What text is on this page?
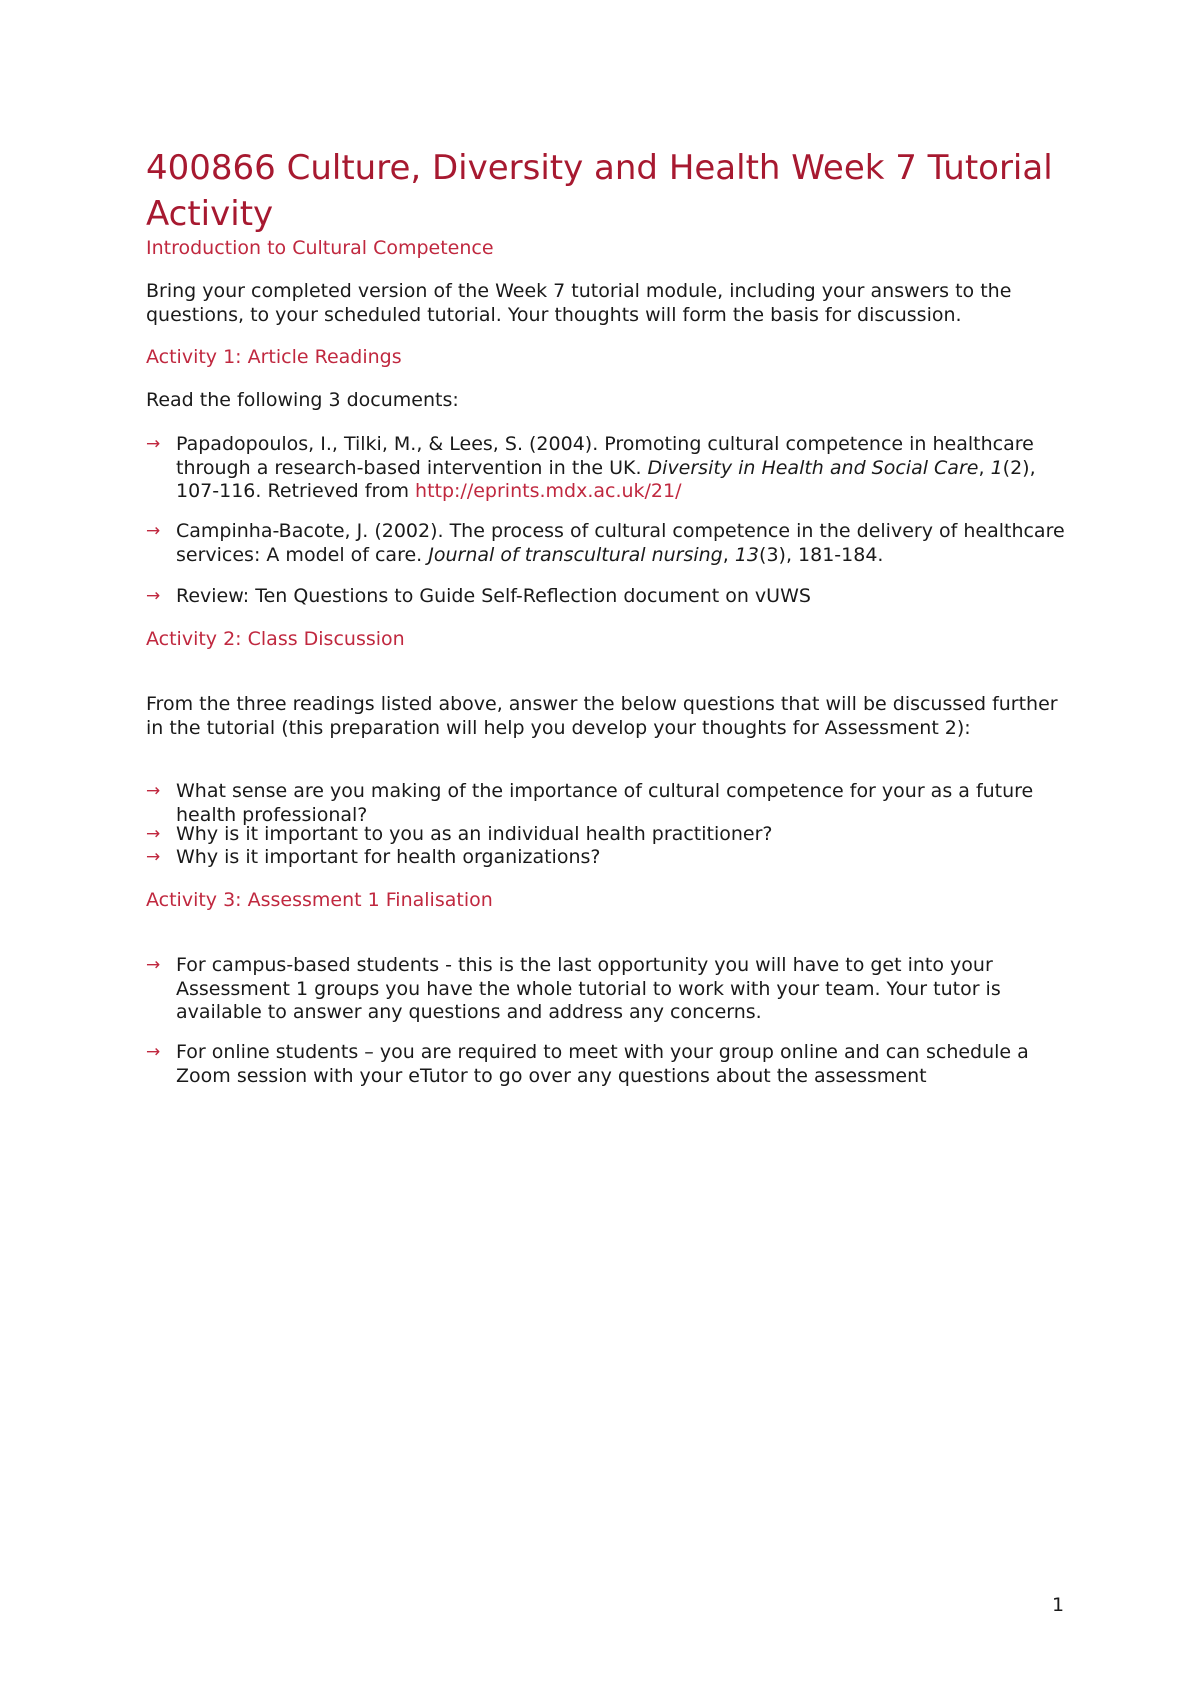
400866 Culture, Diversity and Health Week 7 Tutorial Activity
Introduction to Cultural Competence

Bring your completed version of the Week 7 tutorial module, including your answers to the questions, to your scheduled tutorial. Your thoughts will form the basis for discussion.

Activity 1: Article Readings

Read the following 3 documents:

→ Papadopoulos, I., Tilki, M., & Lees, S. (2004). Promoting cultural competence in healthcare through a research-based intervention in the UK. Diversity in Health and Social Care, 1(2), 107-116. Retrieved from http://eprints.mdx.ac.uk/21/
→ Campinha-Bacote, J. (2002). The process of cultural competence in the delivery of healthcare services: A model of care. Journal of transcultural nursing, 13(3), 181-184.
→ Review: Ten Questions to Guide Self-Reflection document on vUWS
Activity 2: Class Discussion

From the three readings listed above, answer the below questions that will be discussed further in the tutorial (this preparation will help you develop your thoughts for Assessment 2):

→ What sense are you making of the importance of cultural competence for your as a future health professional?
→ Why is it important to you as an individual health practitioner?
→ Why is it important for health organizations?
Activity 3: Assessment 1 Finalisation
→ For campus-based students - this is the last opportunity you will have to get into your Assessment 1 groups you have the whole tutorial to work with your team. Your tutor is available to answer any questions and address any concerns.
→ For online students – you are required to meet with your group online and can schedule a Zoom session with your eTutor to go over any questions about the assessment
1
